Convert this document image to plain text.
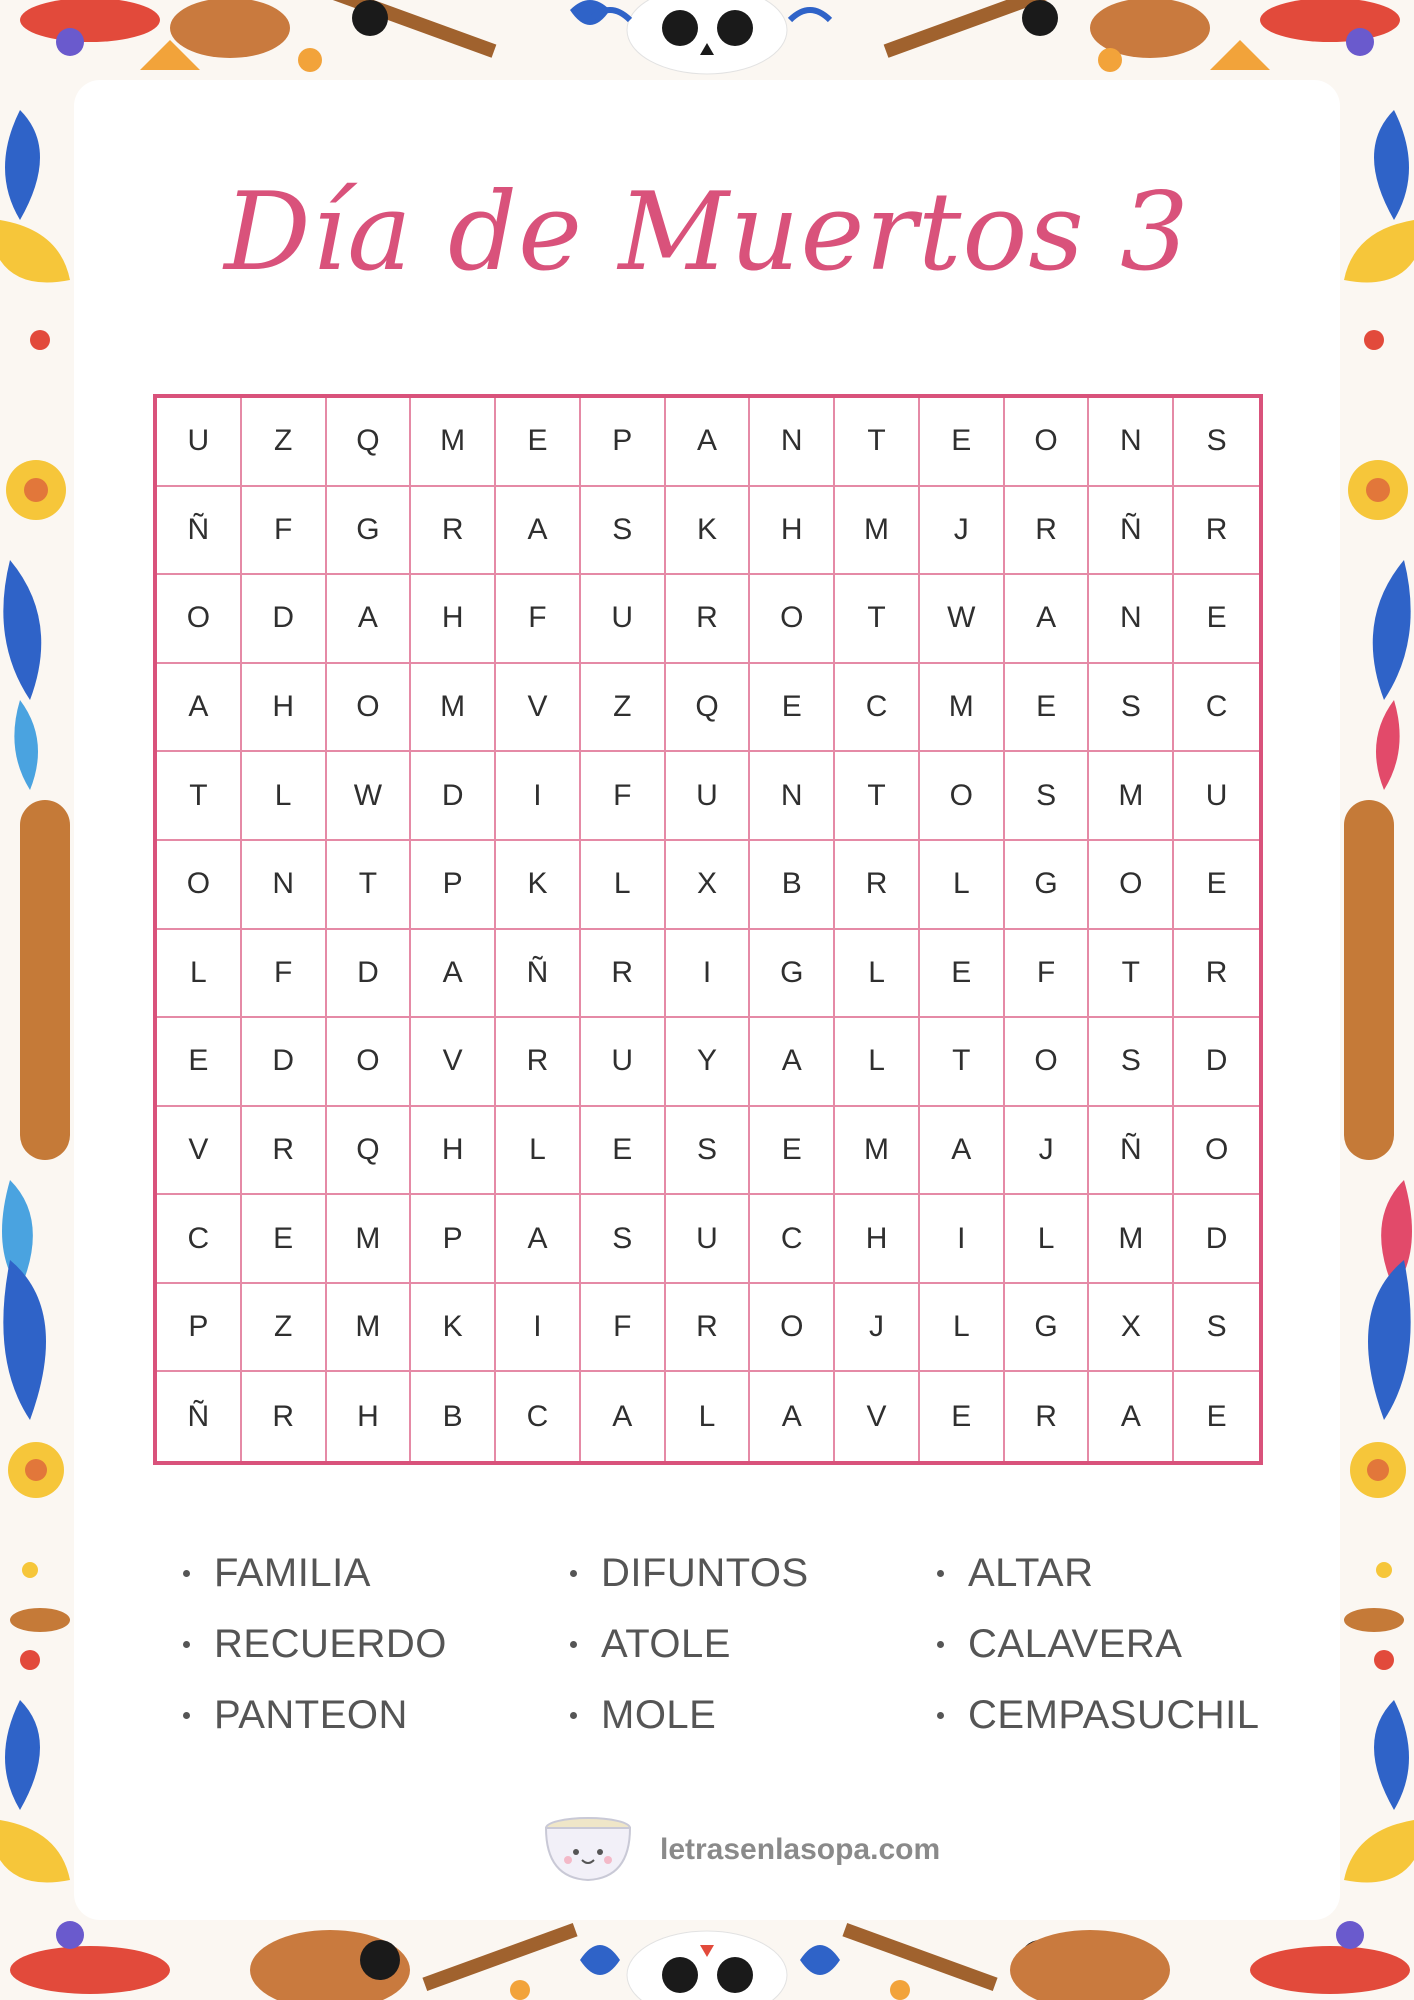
Día de Muertos 3
U	Z	Q	M	E	P	A	N	T	E	O	N	S
Ñ	F	G	R	A	S	K	H	M	J	R	Ñ	R
O	D	A	H	F	U	R	O	T	W	A	N	E
A	H	O	M	V	Z	Q	E	C	M	E	S	C
T	L	W	D	I	F	U	N	T	O	S	M	U
O	N	T	P	K	L	X	B	R	L	G	O	E
L	F	D	A	Ñ	R	I	G	L	E	F	T	R
E	D	O	V	R	U	Y	A	L	T	O	S	D
V	R	Q	H	L	E	S	E	M	A	J	Ñ	O
C	E	M	P	A	S	U	C	H	I	L	M	D
P	Z	M	K	I	F	R	O	J	L	G	X	S
Ñ	R	H	B	C	A	L	A	V	E	R	A	E
FAMILIA
RECUERDO
PANTEON
DIFUNTOS
ATOLE
MOLE
ALTAR
CALAVERA
CEMPASUCHIL
letrasenlasopa.com
